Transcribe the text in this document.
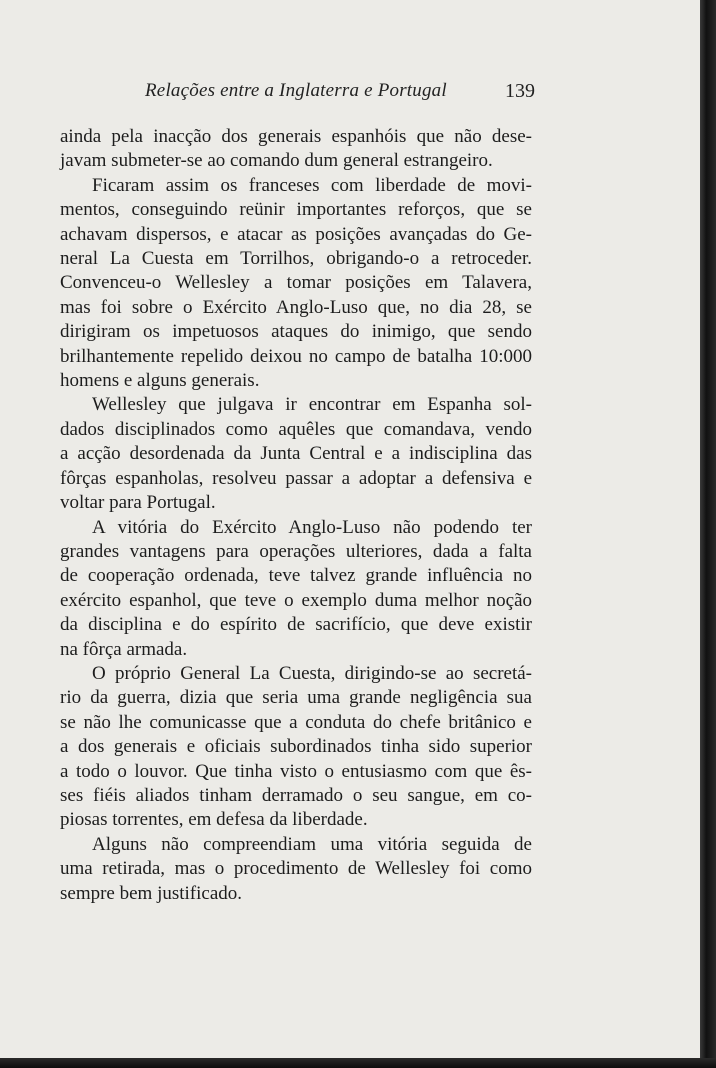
Relações entre a Inglaterra e Portugal	139

ainda pela inacção dos generais espanhóis que não dese-
javam submeter-se ao comando dum general estrangeiro.

Ficaram assim os franceses com liberdade de movi-
mentos, conseguindo reünir importantes reforços, que se
achavam dispersos, e atacar as posições avançadas do Ge-
neral La Cuesta em Torrilhos, obrigando-o a retroceder.
Convenceu-o Wellesley a tomar posições em Talavera,
mas foi sobre o Exército Anglo-Luso que, no dia 28, se
dirigiram os impetuosos ataques do inimigo, que sendo
brilhantemente repelido deixou no campo de batalha 10:000
homens e alguns generais.

Wellesley que julgava ir encontrar em Espanha sol-
dados disciplinados como aquêles que comandava, vendo
a acção desordenada da Junta Central e a indisciplina das
fôrças espanholas, resolveu passar a adoptar a defensiva e
voltar para Portugal.

A vitória do Exército Anglo-Luso não podendo ter
grandes vantagens para operações ulteriores, dada a falta
de cooperação ordenada, teve talvez grande influência no
exército espanhol, que teve o exemplo duma melhor noção
da disciplina e do espírito de sacrifício, que deve existir
na fôrça armada.

O próprio General La Cuesta, dirigindo-se ao secretá-
rio da guerra, dizia que seria uma grande negligência sua
se não lhe comunicasse que a conduta do chefe britânico e
a dos generais e oficiais subordinados tinha sido superior
a todo o louvor. Que tinha visto o entusiasmo com que ês-
ses fiéis aliados tinham derramado o seu sangue, em co-
piosas torrentes, em defesa da liberdade.

Alguns não compreendiam uma vitória seguida de
uma retirada, mas o procedimento de Wellesley foi como
sempre bem justificado.
